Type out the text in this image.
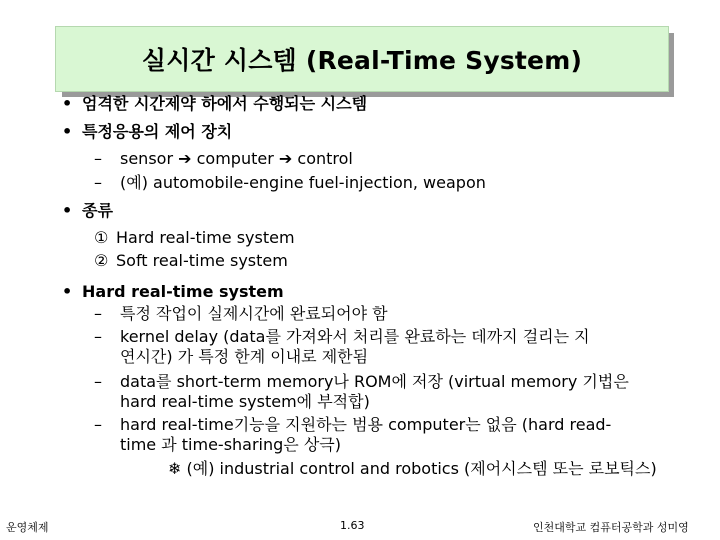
실시간 시스템 (Real-Time System)
• 엄격한 시간제약 하에서 수행되는 시스템
• 특정응용의 제어 장치
– sensor ➔ computer ➔ control
– (예) automobile-engine fuel-injection, weapon
• 종류
① Hard real-time system
② Soft real-time system
• Hard real-time system
– 특정 작업이 실제시간에 완료되어야 함
– kernel delay (data를 가져와서 처리를 완료하는 데까지 걸리는 지
연시간) 가 특정 한계 이내로 제한됨
– data를 short-term memory나 ROM에 저장 (virtual memory 기법은
hard real-time system에 부적합)
– hard real-time기능을 지원하는 범용 computer는 없음 (hard read-
time 과 time-sharing은 상극)
❄ (예) industrial control and robotics (제어시스템 또는 로보틱스)
운영체제	1.63	인천대학교 컴퓨터공학과 성미영
